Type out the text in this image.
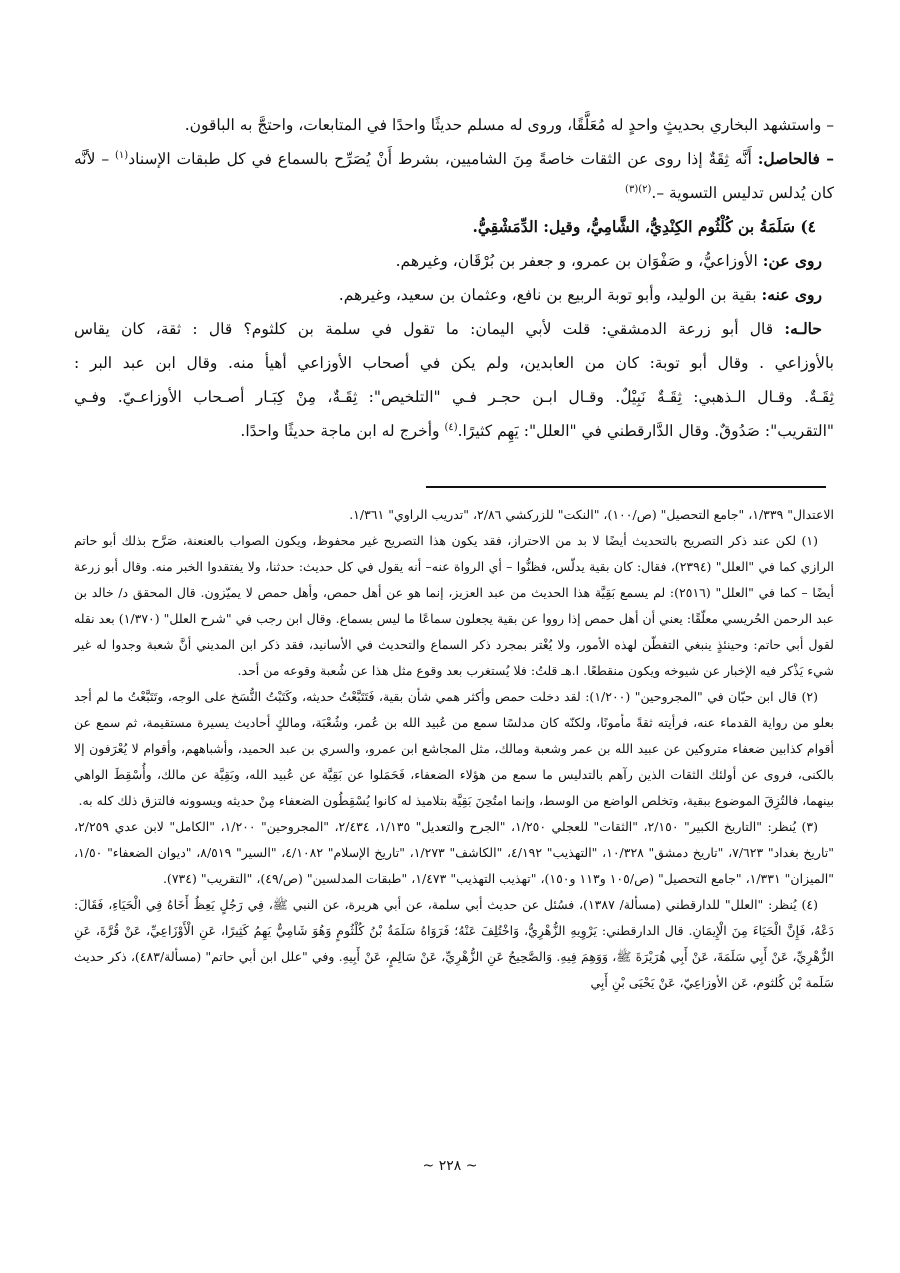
– واستشهد البخاري بحديثٍ واحدٍ له مُعَلَّقًا، وروى له مسلم حديثًا واحدًا في المتابعات، واحتجَّ به الباقون.

– فالحاصل: أَنَّه ثِقَةٌ إذا روى عن الثقات خاصةً مِنَ الشاميين، بشرط أَنْ يُصَرِّح بالسماع في كل طبقات الإسناد$^{(١)}$ – لأنَّه كان يُدلس تدليس التسوية –.$^{(٢)(٣)}$

٤) سَلَمَةُ بن كُلْثُوم الكِنْدِيُّ، الشَّامِيُّ، وقيل: الدِّمَشْقِيُّ.

روى عن: الأوزاعيُّ، و صَفْوَان بن عمرو، و جعفر بن بُرْقَان، وغيرهم.

روى عنه: بقية بن الوليد، وأبو توبة الربيع بن نافع، وعثمان بن سعيد، وغيرهم.

حالـه: قال أبو زرعة الدمشقي: قلت لأبي اليمان: ما تقول في سلمة بن كلثوم؟ قال : ثقة، كان يقاس

بالأوزاعي . وقال أبو توبة: كان من العابدين، ولم يكن في أصحاب الأوزاعي أهيأ منه. وقال ابن عبد البر :

ثِقَـةٌ. وقـال الـذهبي: ثِقَـةٌ نَبِيْلٌ. وقـال ابـن حجـر فـي "التلخيص": ثِقَـةٌ، مِنْ كِبَـار أصـحاب الأوزاعـيّ. وفـي

"التقريب": صَدُوقٌ. وقال الدَّارقطني في "العلل": يَهِم كثيرًا.$^{(٤)}$ وأخرج له ابن ماجة حديثًا واحدًا.

الاعتدال" ١/٣٣٩، "جامع التحصيل" (ص/١٠٠)، "النكت" للزركشي ٢/٨٦، "تدريب الراوي" ١/٣٦١.

(١) لكن عند ذكر التصريح بالتحديث أيضًا لا بد من الاحتراز، فقد يكون هذا التصريح غير محفوظ، ويكون الصواب بالعنعنة، صَرَّح بذلك أبو حاتم الرازي كما في "العلل" (٢٣٩٤)، فقال: كان بقية يدلّس، فظنُّوا – أي الرواة عنه– أنه يقول في كل حديث: حدثنا، ولا يفتقدوا الخبر منه. وقال أبو زرعة أيضًا – كما في "العلل" (٢٥١٦): لم يسمع بَقِيَّة هذا الحديث من عبد العزيز، إنما هو عن أهل حمص، وأهل حمص لا يميّزون. قال المحقق د/ خالد بن عبد الرحمن الحُريسي معلّقًا: يعني أن أهل حمص إذا رووا عن بقية يجعلون سماعًا ما ليس بسماع. وقال ابن رجب في "شرح العلل" (١/٣٧٠) بعد نقله لقول أبي حاتم: وحينئذٍ ينبغي التفطّن لهذه الأمور، ولا يُغْتر بمجرد ذكر السماع والتحديث في الأسانيد، فقد ذكر ابن المديني أنَّ شعبة وجدوا له غير شيء يَذْكر فيه الإخبار عن شيوخه ويكون منقطعًا. ا.هـ قلتُ: فلا يُستغرب بعد وقوع مثل هذا عن شُعبة وقوعه من أحد.

(٢) قال ابن حبّان في "المجروحين" (١/٢٠٠): لقد دخلت حمص وأكثر همي شأن بقية، فَتَتَبَّعْتُ حديثه، وكَتَبْتُ النُّسَخ على الوجه، وتَتَبَّعْتُ ما لم أجد بعلو من رواية القدماء عنه، فرأيته ثقةً مأمونًا، ولكنّه كان مدلسًا سمع من عُبيد الله بن عُمر، وشُعْبَة، ومالكٍ أحاديث يسيرة مستقيمة، ثم سمع عن أقوام كذابين ضعفاء متروكين عن عبيد الله بن عمر وشعبة ومالك، مثل المجاشع ابن عمرو، والسري بن عبد الحميد، وأشباههم، وأقوام لا يُعْرَفون إلا بالكنى، فروى عن أولئك الثقات الذين رآهم بالتدليس ما سمع من هؤلاء الضعفاء، فَحَمَلوا عن بَقِيَّة عن عُبيد الله، وبَقِيَّة عن مالك، وأُسْقِطَ الواهي بينهما، فالتُزِقَ الموضوع ببقية، وتخلص الواضع من الوسط، وإنما امتُحِنَ بَقِيَّة بتلاميذ له كانوا يُسْقِطُون الضعفاء مِنْ حديثه ويسوونه فالتزق ذلك كله به.

(٣) يُنظر: "التاريخ الكبير" ٢/١٥٠، "الثقات" للعجلي ١/٢٥٠، "الجرح والتعديل" ١/١٣٥، ٢/٤٣٤، "المجروحين" ١/٢٠٠، "الكامل" لابن عدي ٢/٢٥٩، "تاريخ بغداد" ٧/٦٢٣، "تاريخ دمشق" ١٠/٣٢٨، "التهذيب" ٤/١٩٢، "الكاشف" ١/٢٧٣، "تاريخ الإسلام" ٤/١٠٨٢، "السير" ٨/٥١٩، "ديوان الضعفاء" ١/٥٠، "الميزان" ١/٣٣١، "جامع التحصيل" (ص/١٠٥ و١١٣ و١٥٠)، "تهذيب التهذيب" ١/٤٧٣، "طبقات المدلسين" (ص/٤٩)، "التقريب" (٧٣٤).

(٤) يُنظر: "العلل" للدارقطني (مسألة/ ١٣٨٧)، فسُئل عن حديث أبي سلمة، عن أبي هريرة، عن النبي ﷺ، فِي رَجُلٍ يَعِظُ أَخَاهُ فِي الْحَيَاءِ، فَقَالَ: دَعْهُ، فَإِنَّ الْحَيَاءَ مِنَ الْإِيمَانِ. قال الدارقطني: يَرْوِيهِ الزُّهْرِيُّ، وَاخْتُلِفَ عَنْهُ؛ فَرَوَاهُ سَلَمَةُ بْنُ كُلْثُومٍ وَهُوَ شَامِيٌّ يَهِمُ كَثِيرًا، عَنِ الْأَوْزَاعِيِّ، عَنْ قُرَّةَ، عَنِ الزُّهْرِيِّ، عَنْ أَبِي سَلَمَةَ، عَنْ أَبِي هُرَيْرَةَ ﷺ، وَوَهِمَ فِيهِ. وَالصَّحِيحُ عَنِ الزُّهْرِيِّ، عَنْ سَالِمٍ، عَنْ أَبِيهِ. وفي "علل ابن أبي حاتم" (مسألة/٤٨٣)، ذكر حديث سَلَمة بْن كُلثوم، عَن الأوزاعِيّ، عَنْ يَحْيَى بْنِ أَبِي

~ ٢٢٨ ~
